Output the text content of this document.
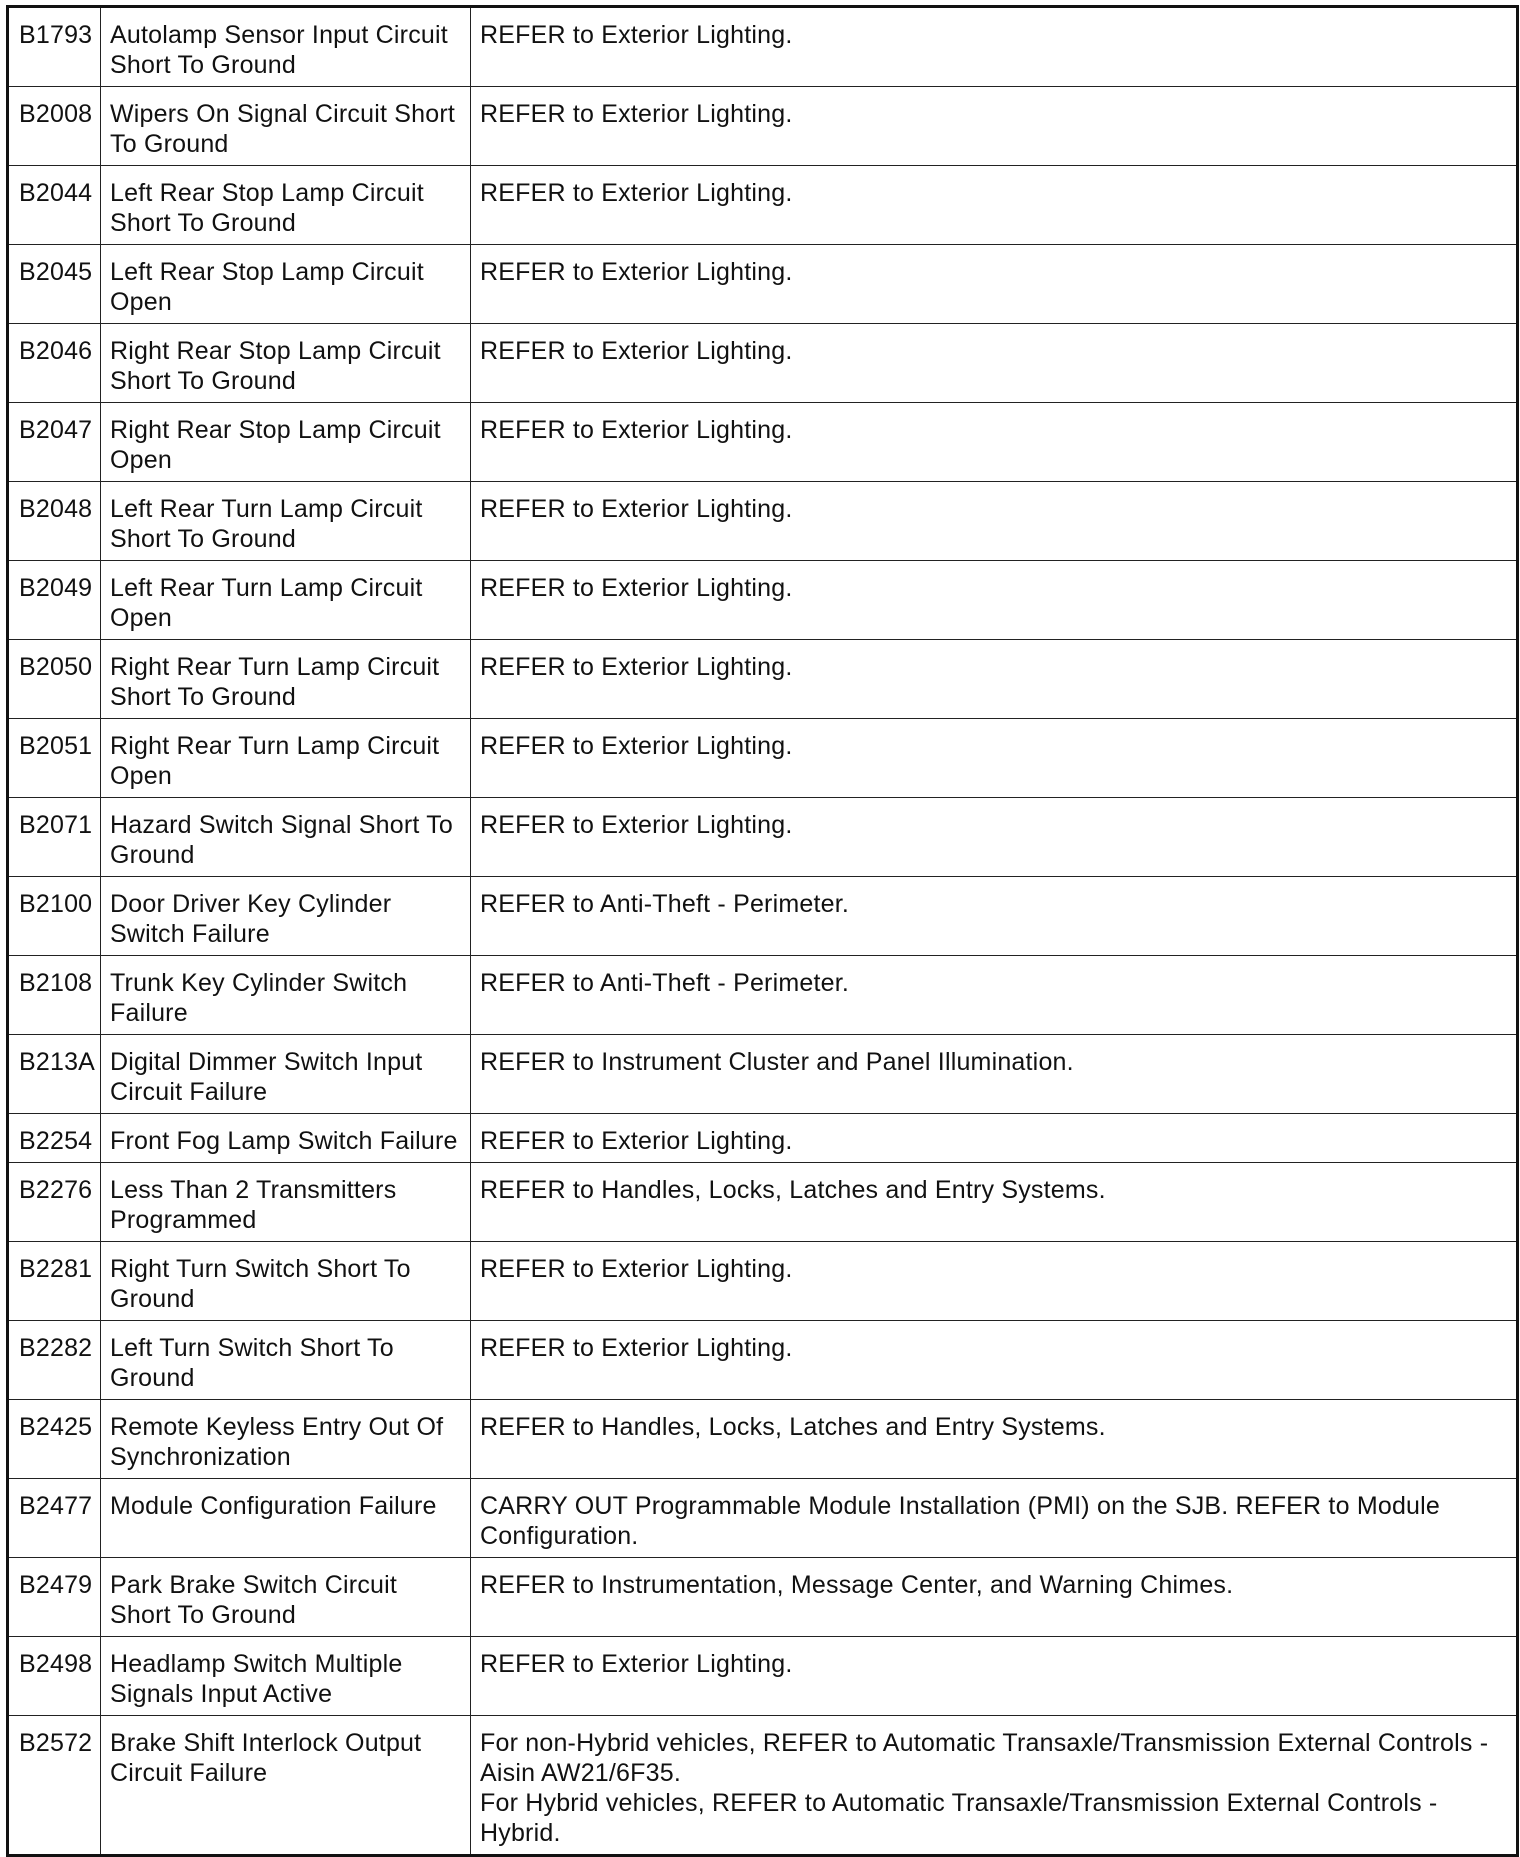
B1793	Autolamp Sensor Input Circuit Short To Ground	REFER to Exterior Lighting.

B2008	Wipers On Signal Circuit Short To Ground	REFER to Exterior Lighting.

B2044	Left Rear Stop Lamp Circuit Short To Ground	REFER to Exterior Lighting.

B2045	Left Rear Stop Lamp Circuit Open	REFER to Exterior Lighting.

B2046	Right Rear Stop Lamp Circuit Short To Ground	REFER to Exterior Lighting.

B2047	Right Rear Stop Lamp Circuit Open	REFER to Exterior Lighting.

B2048	Left Rear Turn Lamp Circuit Short To Ground	REFER to Exterior Lighting.

B2049	Left Rear Turn Lamp Circuit Open	REFER to Exterior Lighting.

B2050	Right Rear Turn Lamp Circuit Short To Ground	REFER to Exterior Lighting.

B2051	Right Rear Turn Lamp Circuit Open	REFER to Exterior Lighting.

B2071	Hazard Switch Signal Short To Ground	REFER to Exterior Lighting.

B2100	Door Driver Key Cylinder Switch Failure	REFER to Anti-Theft - Perimeter.

B2108	Trunk Key Cylinder Switch Failure	REFER to Anti-Theft - Perimeter.

B213A	Digital Dimmer Switch Input Circuit Failure	REFER to Instrument Cluster and Panel Illumination.

B2254	Front Fog Lamp Switch Failure	REFER to Exterior Lighting.

B2276	Less Than 2 Transmitters Programmed	REFER to Handles, Locks, Latches and Entry Systems.

B2281	Right Turn Switch Short To Ground	REFER to Exterior Lighting.

B2282	Left Turn Switch Short To Ground	REFER to Exterior Lighting.

B2425	Remote Keyless Entry Out Of Synchronization	REFER to Handles, Locks, Latches and Entry Systems.

B2477	Module Configuration Failure	CARRY OUT Programmable Module Installation (PMI) on the SJB. REFER to Module Configuration.

B2479	Park Brake Switch Circuit Short To Ground	REFER to Instrumentation, Message Center, and Warning Chimes.

B2498	Headlamp Switch Multiple Signals Input Active	REFER to Exterior Lighting.

B2572	Brake Shift Interlock Output Circuit Failure	For non-Hybrid vehicles, REFER to Automatic Transaxle/Transmission External Controls - Aisin AW21/6F35.
For Hybrid vehicles, REFER to Automatic Transaxle/Transmission External Controls - Hybrid.
